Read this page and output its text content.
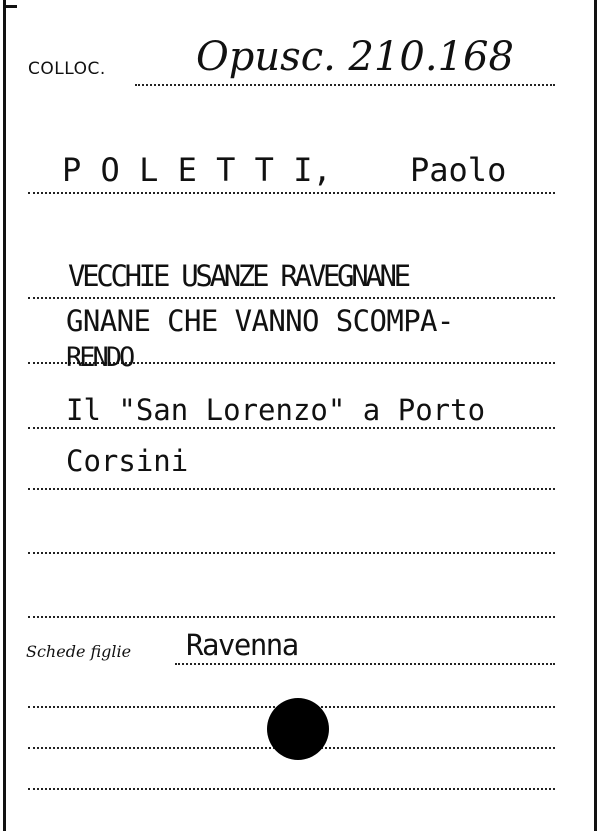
COLLOC. Opusc. 210.168
P O L E T T I, Paolo
VECCHIE USANZE RAVEGNANE
GNANE CHE VANNO SCOMPA-
RENDO
Il "San Lorenzo" a Porto
Corsini
Schede figlie Ravenna
